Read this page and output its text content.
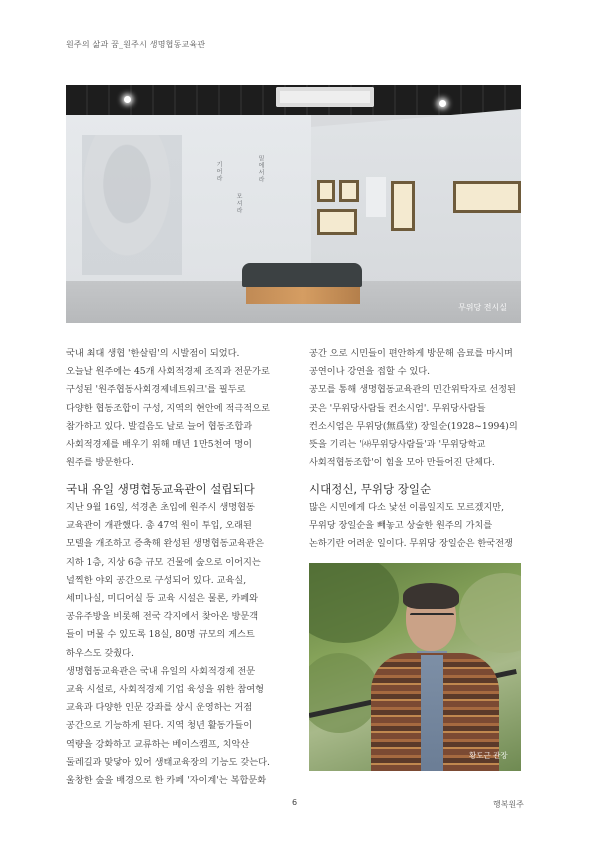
원주의 삶과 꿈_원주시 생명협동교육관
기어라	밑에서라
모셔라
무위당 전시실

국내 최대 생협 '한살림'의 시발점이 되었다.

오늘날 원주에는 45개 사회적경제 조직과 전문가로

구성된 '원주협동사회경제네트워크'를 필두로

다양한 협동조합이 구성, 지역의 현안에 적극적으로

참가하고 있다. 발걸음도 날로 늘어 협동조합과

사회적경제를 배우기 위해 매년 1만5천여 명이

원주를 방문한다.

국내 유일 생명협동교육관이 설립되다

지난 9월 16일, 석경촌 초입에 원주시 생명협동

교육관이 개관했다. 총 47억 원이 투입, 오래된

모텔을 개조하고 증축해 완성된 생명협동교육관은

지하 1층, 지상 6층 규모 건물에 숲으로 이어지는

널찍한 야외 공간으로 구성되어 있다. 교육실,

세미나실, 미디어실 등 교육 시설은 물론, 카페와

공유주방을 비롯해 전국 각지에서 찾아온 방문객

들이 머물 수 있도록 18실, 80명 규모의 게스트

하우스도 갖췄다.

생명협동교육관은 국내 유일의 사회적경제 전문

교육 시설로, 사회적경제 기업 육성을 위한 참여형

교육과 다양한 인문 강좌를 상시 운영하는 거점

공간으로 기능하게 된다. 지역 청년 활동가들이

역량을 강화하고 교류하는 베이스캠프, 치악산

둘레길과 맞닿아 있어 생태교육장의 기능도 갖는다.

울창한 숲을 배경으로 한 카페 '자이계'는 복합문화

공간 으로 시민들이 편안하게 방문해 음료를 마시며

공연이나 강연을 접할 수 있다.

공모를 통해 생명협동교육관의 민간위탁자로 선정된

곳은 '무위당사람들 컨소시엄'. 무위당사람들

컨소시엄은 무위당(無爲堂) 장일순(1928~1994)의

뜻을 기리는 '㈔무위당사람들'과 '무위당학교

사회적협동조합'이 힘을 모아 만들어진 단체다.

시대정신, 무위당 장일순

많은 시민에게 다소 낯선 이름일지도 모르겠지만,

무위당 장일순을 빼놓고 상술한 원주의 가치를

논하기란 어려운 일이다. 무위당 장일순은 한국전쟁

황도근 관장
6	행복원주
